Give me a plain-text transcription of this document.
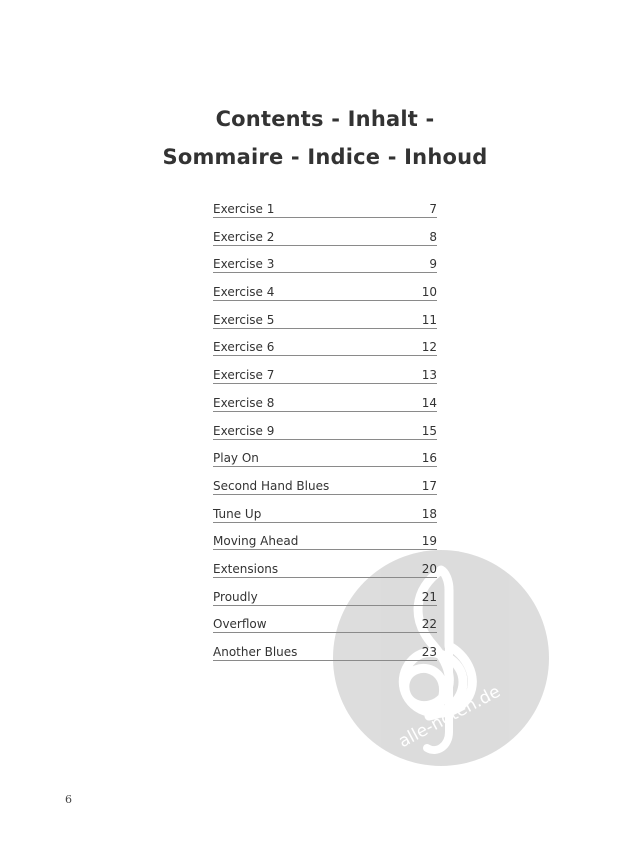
alle-noten.de
Contents - Inhalt -
Sommaire - Indice - Inhoud
Exercise 1	7
Exercise 2	8
Exercise 3	9
Exercise 4	10
Exercise 5	11
Exercise 6	12
Exercise 7	13
Exercise 8	14
Exercise 9	15
Play On	16
Second Hand Blues	17
Tune Up	18
Moving Ahead	19
Extensions	20
Proudly	21
Overflow	22
Another Blues	23
6
